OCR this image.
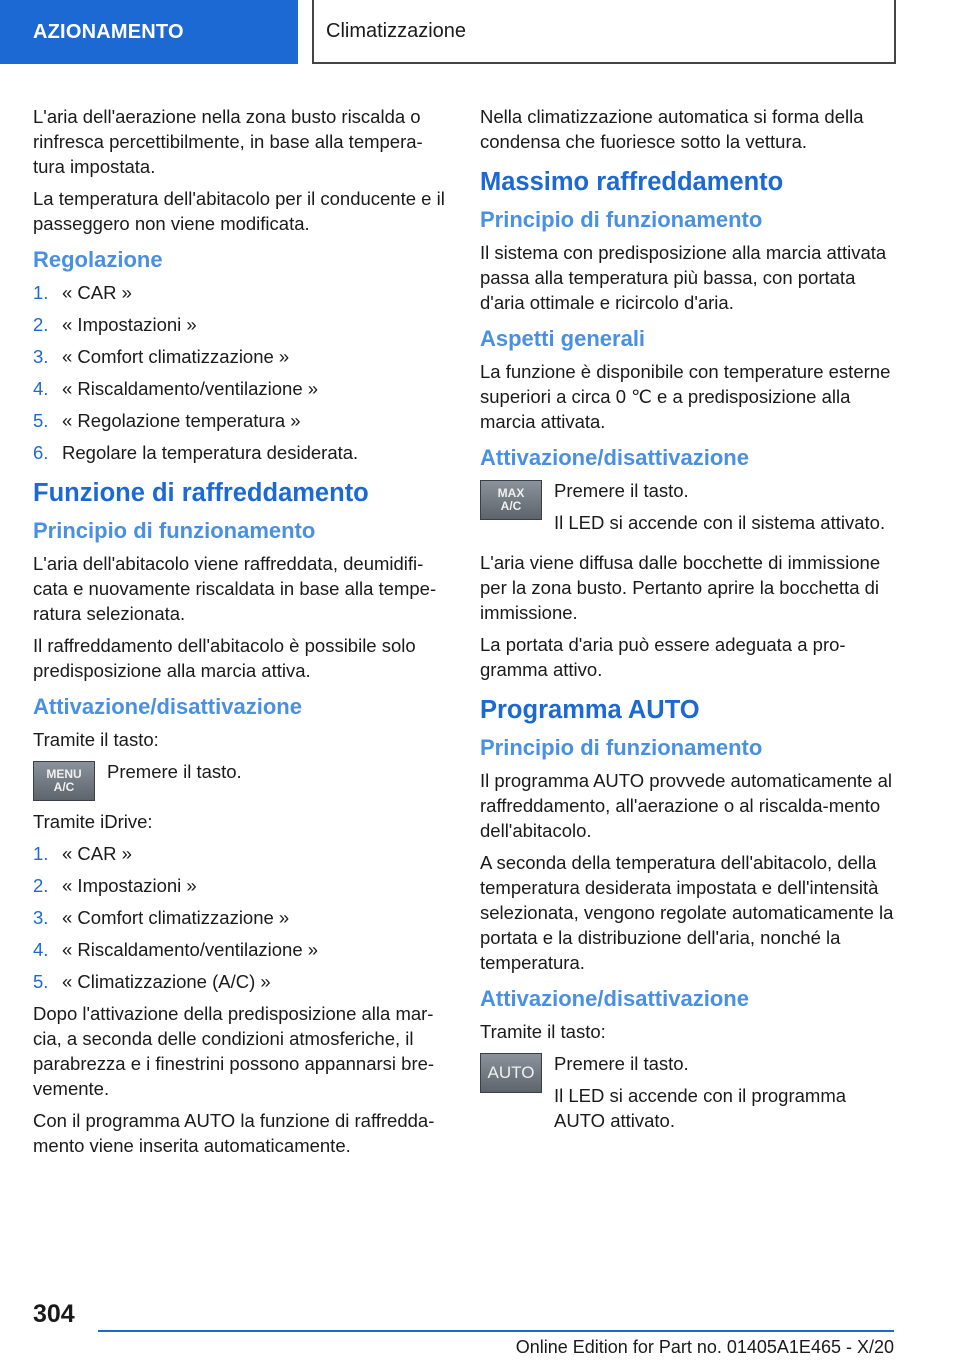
AZIONAMENTO	Climatizzazione

L'aria dell'aerazione nella zona busto riscalda o rinfresca percettibilmente, in base alla tempera-tura impostata.

La temperatura dell'abitacolo per il conducente e il passeggero non viene modificata.

Regolazione
1. « CAR »
2. « Impostazioni »
3. « Comfort climatizzazione »
4. « Riscaldamento/ventilazione »
5. « Regolazione temperatura »
6. Regolare la temperatura desiderata.
Funzione di raffreddamento
Principio di funzionamento

L'aria dell'abitacolo viene raffreddata, deumidifi-cata e nuovamente riscaldata in base alla tempe-ratura selezionata.

Il raffreddamento dell'abitacolo è possibile solo predisposizione alla marcia attiva.

Attivazione/disattivazione

Tramite il tasto:

MENU
A/C

Premere il tasto.

Tramite iDrive:

1. « CAR »
2. « Impostazioni »
3. « Comfort climatizzazione »
4. « Riscaldamento/ventilazione »
5. « Climatizzazione (A/C) »

Dopo l'attivazione della predisposizione alla mar-cia, a seconda delle condizioni atmosferiche, il parabrezza e i finestrini possono appannarsi bre-vemente.

Con il programma AUTO la funzione di raffredda-mento viene inserita automaticamente.

Nella climatizzazione automatica si forma della condensa che fuoriesce sotto la vettura.

Massimo raffreddamento
Principio di funzionamento

Il sistema con predisposizione alla marcia attivata passa alla temperatura più bassa, con portata d'aria ottimale e ricircolo d'aria.

Aspetti generali

La funzione è disponibile con temperature esterne superiori a circa 0 ℃ e a predisposizione alla marcia attivata.

Attivazione/disattivazione
MAX
A/C

Premere il tasto.

Il LED si accende con il sistema attivato.

L'aria viene diffusa dalle bocchette di immissione per la zona busto. Pertanto aprire la bocchetta di immissione.

La portata d'aria può essere adeguata a pro-gramma attivo.

Programma AUTO
Principio di funzionamento

Il programma AUTO provvede automaticamente al raffreddamento, all'aerazione o al riscalda-mento dell'abitacolo.

A seconda della temperatura dell'abitacolo, della temperatura desiderata impostata e dell'intensità selezionata, vengono regolate automaticamente la portata e la distribuzione dell'aria, nonché la temperatura.

Attivazione/disattivazione

Tramite il tasto:

AUTO Premere il tasto.

Il LED si accende con il programma AUTO attivato.

304
Online Edition for Part no. 01405A1E465 - X/20
